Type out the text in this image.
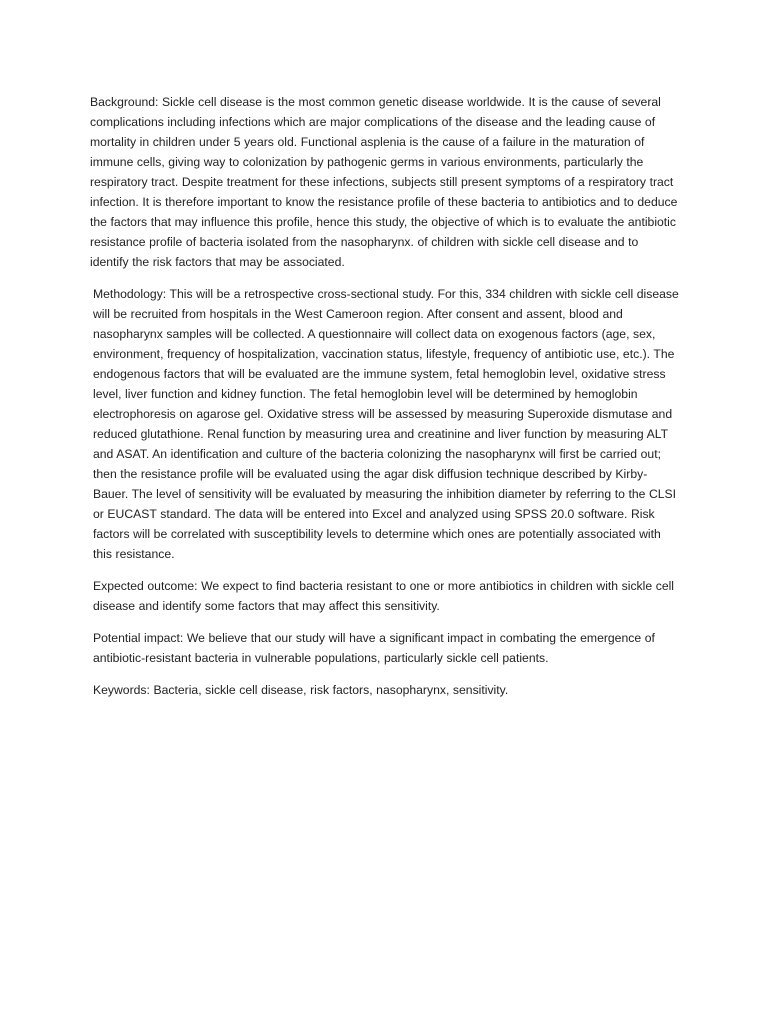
Background: Sickle cell disease is the most common genetic disease worldwide. It is the cause of several complications including infections which are major complications of the disease and the leading cause of mortality in children under 5 years old. Functional asplenia is the cause of a failure in the maturation of immune cells, giving way to colonization by pathogenic germs in various environments, particularly the respiratory tract. Despite treatment for these infections, subjects still present symptoms of a respiratory tract infection. It is therefore important to know the resistance profile of these bacteria to antibiotics and to deduce the factors that may influence this profile, hence this study, the objective of which is to evaluate the antibiotic resistance profile of bacteria isolated from the nasopharynx. of children with sickle cell disease and to identify the risk factors that may be associated.

Methodology: This will be a retrospective cross-sectional study. For this, 334 children with sickle cell disease will be recruited from hospitals in the West Cameroon region. After consent and assent, blood and nasopharynx samples will be collected. A questionnaire will collect data on exogenous factors (age, sex, environment, frequency of hospitalization, vaccination status, lifestyle, frequency of antibiotic use, etc.). The endogenous factors that will be evaluated are the immune system, fetal hemoglobin level, oxidative stress level, liver function and kidney function. The fetal hemoglobin level will be determined by hemoglobin electrophoresis on agarose gel. Oxidative stress will be assessed by measuring Superoxide dismutase and reduced glutathione. Renal function by measuring urea and creatinine and liver function by measuring ALT and ASAT. An identification and culture of the bacteria colonizing the nasopharynx will first be carried out; then the resistance profile will be evaluated using the agar disk diffusion technique described by Kirby-Bauer. The level of sensitivity will be evaluated by measuring the inhibition diameter by referring to the CLSI or EUCAST standard. The data will be entered into Excel and analyzed using SPSS 20.0 software. Risk factors will be correlated with susceptibility levels to determine which ones are potentially associated with this resistance.

Expected outcome: We expect to find bacteria resistant to one or more antibiotics in children with sickle cell disease and identify some factors that may affect this sensitivity.

Potential impact: We believe that our study will have a significant impact in combating the emergence of antibiotic-resistant bacteria in vulnerable populations, particularly sickle cell patients.

Keywords: Bacteria, sickle cell disease, risk factors, nasopharynx, sensitivity.
